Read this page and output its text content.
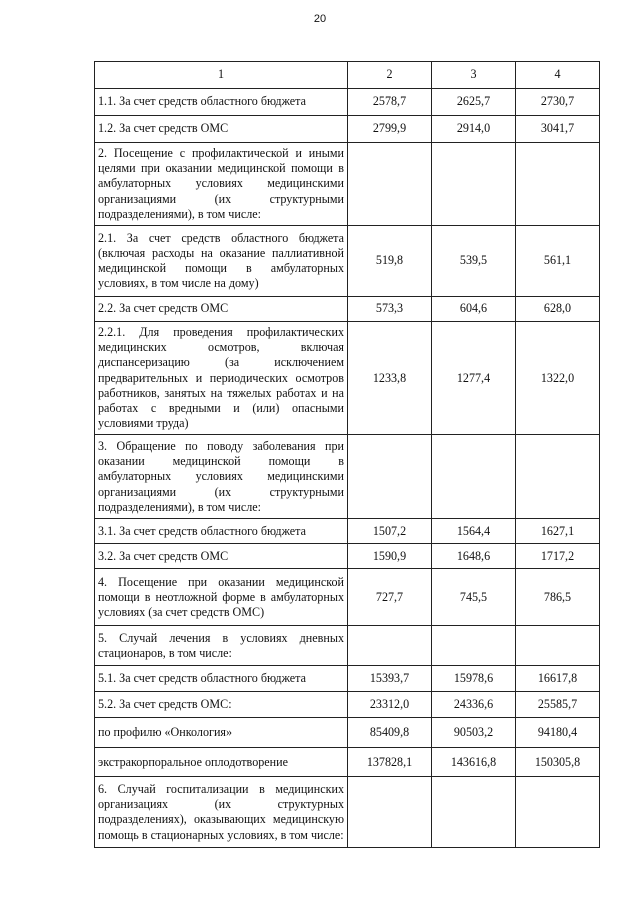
20
1	2	3	4
1.1. За счет средств областного бюджета	2578,7	2625,7	2730,7
1.2. За счет средств ОМС	2799,9	2914,0	3041,7
2. Посещение с профилактической и иными целями при оказании медицинской помощи в амбулаторных условиях медицинскими организациями (их структурными подразделениями), в том числе:			
2.1. За счет средств областного бюджета (включая расходы на оказание паллиативной медицинской помощи в амбулаторных условиях, в том числе на дому)	519,8	539,5	561,1
2.2. За счет средств ОМС	573,3	604,6	628,0
2.2.1. Для проведения профилактических медицинских осмотров, включая диспансеризацию (за исключением предварительных и периодических осмотров работников, занятых на тяжелых работах и на работах с вредными и (или) опасными условиями труда)	1233,8	1277,4	1322,0
3. Обращение по поводу заболевания при оказании медицинской помощи в амбулаторных условиях медицинскими организациями (их структурными подразделениями), в том числе:			
3.1. За счет средств областного бюджета	1507,2	1564,4	1627,1
3.2. За счет средств ОМС	1590,9	1648,6	1717,2
4. Посещение при оказании медицинской помощи в неотложной форме в амбулаторных условиях (за счет средств ОМС)	727,7	745,5	786,5
5. Случай лечения в условиях дневных стационаров, в том числе:			
5.1. За счет средств областного бюджета	15393,7	15978,6	16617,8
5.2. За счет средств ОМС:	23312,0	24336,6	25585,7
по профилю «Онкология»	85409,8	90503,2	94180,4
экстракорпоральное оплодотворение	137828,1	143616,8	150305,8
6. Случай госпитализации в медицинских организациях (их структурных подразделениях), оказывающих медицинскую помощь в стационарных условиях, в том числе:			
